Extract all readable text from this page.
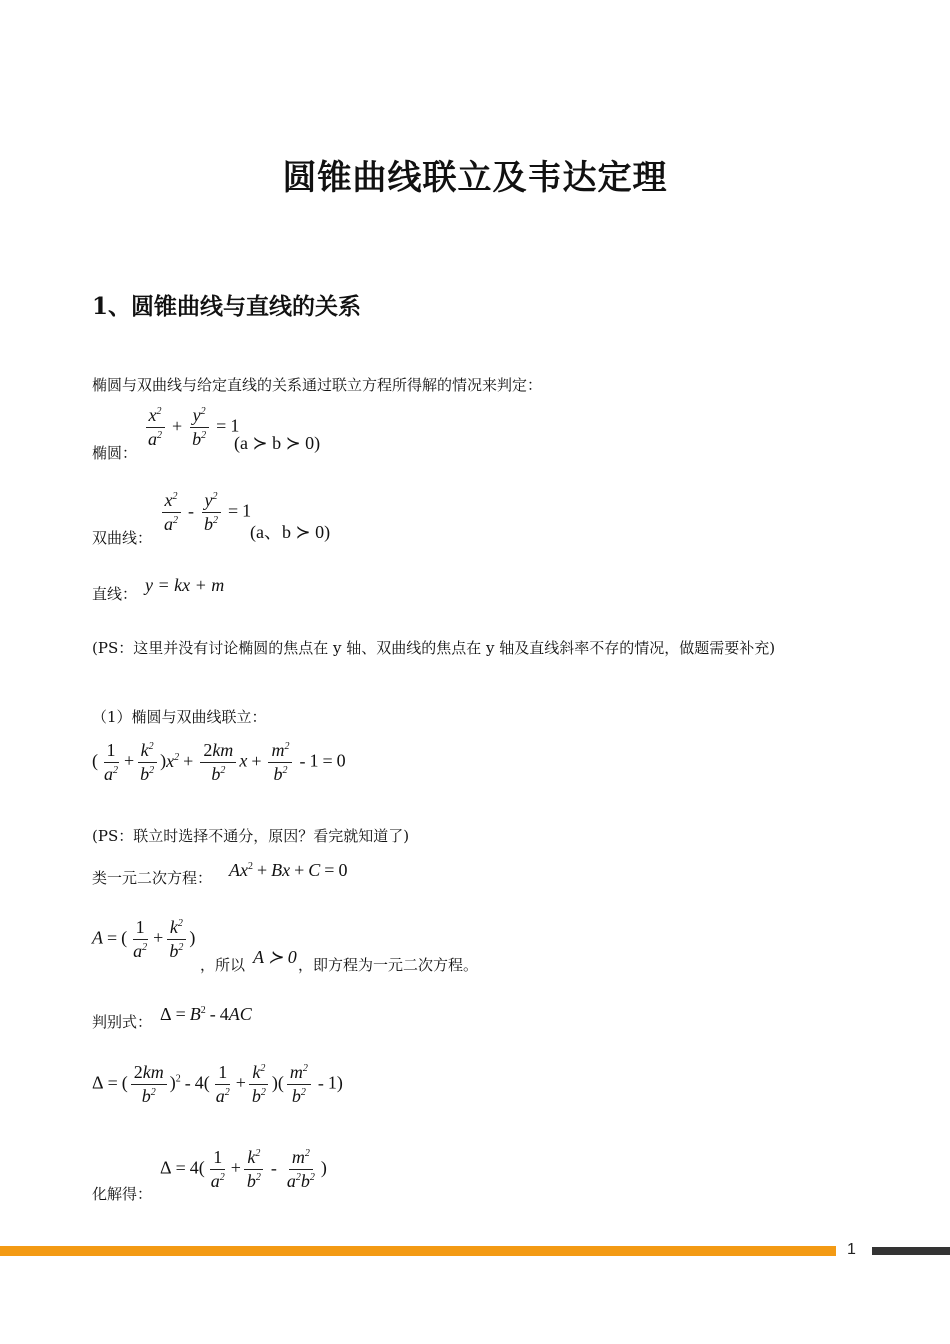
圆锥曲线联立及韦达定理
1、圆锥曲线与直线的关系
椭圆与双曲线与给定直线的关系通过联立方程所得解的情况来判定：
椭圆：
$\frac{x^2}{a^2} + \frac{y^2}{b^2} = 1$
(a ≻ b ≻ 0)
双曲线：
$\frac{x^2}{a^2} - \frac{y^2}{b^2} = 1$
(a、b ≻ 0)
直线： y = kx + m
(PS：这里并没有讨论椭圆的焦点在 y 轴、双曲线的焦点在 y 轴及直线斜率不存的情况，做题需要补充)
（1）椭圆与双曲线联立：
( $\frac{1}{a^2} + \frac{k^2}{b^2} )x^2 + \frac{2km}{b^2}$ $x + \frac{m^2}{b^2} - 1 = 0$
(PS：联立时选择不通分，原因？看完就知道了)
类一元二次方程： $Ax^2 + Bx + C = 0$
A = ( $\frac{1}{a^2} + \frac{k^2}{b^2}$ )
，所以 A ≻ 0 ，即方程为一元二次方程。
判别式： $\Delta = B^2 - 4AC$
Δ = ( $\frac{2km}{b^2} )^2 - 4( \frac{1}{a^2} + \frac{k^2}{b^2}$ )( $\frac{m^2}{b^2} - 1$)
化解得：
$\Delta = 4( \frac{1}{a^2} + \frac{k^2}{b^2} - \frac{m^2}{a^2b^2}$ )
1
